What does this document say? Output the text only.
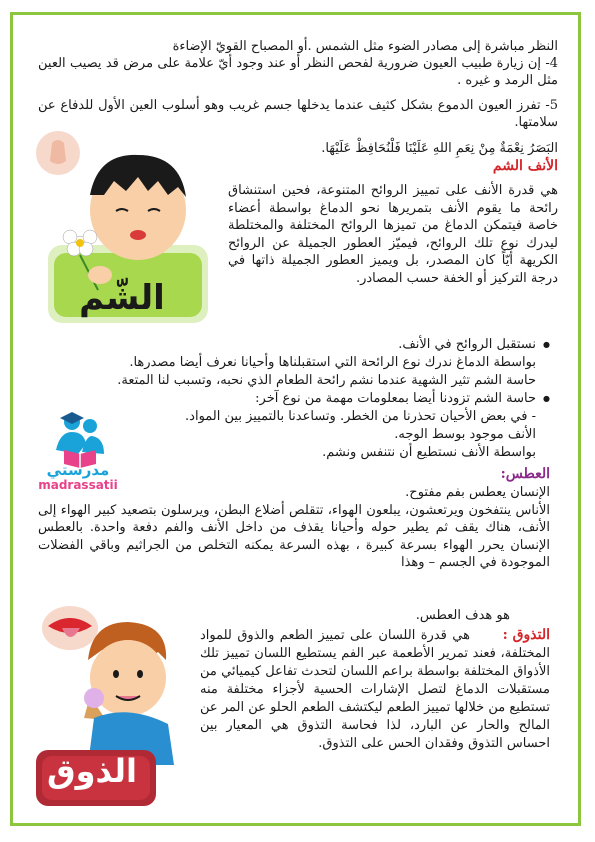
النظر مباشرة إلى مصادر الضوء مثل الشمس .أو المصباح القويّ الإضاءة
4- إن زيارة طبيب العيون ضرورية لفحص النظر أو عند وجود أيّ علامة على مرض قد يصيب العين مثل الرمد و غيره .
5- تفرز العيون الدموع بشكل كثيف عندما يدخلها جسم غريب وهو أسلوب العين الأول للدفاع عن سلامتها.
البَصَرُ نِعْمَةٌ مِنْ نِعَمِ اللهِ عَلَيْنَا فَلْنُحَافِظْ عَلَيْهَا.
الأنف الشم
الشّم
هي قدرة الأنف على تمييز الروائح المتنوعة، فحين استنشاق رائحة ما يقوم الأنف بتمريرها نحو الدماغ بواسطة أعضاء خاصة فيتمكن الدماغ من تميزها الروائح المختلفة والمختلطة ليدرك نوع تلك الروائح، فيميّز العطور الجميلة عن الروائح الكريهة أيّاً كان المصدر، بل ويميز العطور الجميلة ذاتها في درجة التركيز أو الخفة حسب المصادر.
● نستقبل الروائح في الأنف.
بواسطة الدماغ ندرك نوع الرائحة التي استقبلناها وأحيانا نعرف أيضا مصدرها.
حاسة الشم تثير الشهية عندما نشم رائحة الطعام الذي نحبه، وتسبب لنا المتعة.
● حاسة الشم تزودنا أيضا بمعلومات مهمة من نوع آخر:
- في بعض الأحيان تحذرنا من الخطر. وتساعدنا بالتمييز بين المواد.
الأنف موجود بوسط الوجه.
بواسطة الأنف نستطيع أن نتنفس ونشم.
مدرستي
madrassatii
العطس:
الإنسان يعطس بفم مفتوح.
الأناس ينتفخون ويرتعشون، يبلعون الهواء، تتقلص أضلاع البطن، ويرسلون بتصعيد كبير الهواء إلى الأنف، هناك يقف ثم يطير حوله وأحيانا يقذف من داخل الأنف والفم دفعة واحدة. بالعطس الإنسان يحرر الهواء بسرعة كبيرة ، بهذه السرعة يمكنه التخلص من الجراثيم وباقي الفضلات الموجودة في الجسم – وهذا
هو هدف العطس.
الذوق
التذوق :
هي قدرة اللسان على تمييز الطعم والذوق للمواد المختلفة، فعند تمرير الأطعمة عبر الفم يستطيع اللسان تمييز تلك الأذواق المختلفة بواسطة براعم اللسان لتحدث تفاعل كيميائي من مستقبلات الدماغ لتصل الإشارات الحسية لأجزاء مختلفة منه تستطيع من خلالها تمييز الطعم ليكتشف الطعم الحلو عن المر عن المالح والحار عن البارد، لذا فحاسة التذوق هي المعيار بين احساس التذوق وفقدان الحس على التذوق.
